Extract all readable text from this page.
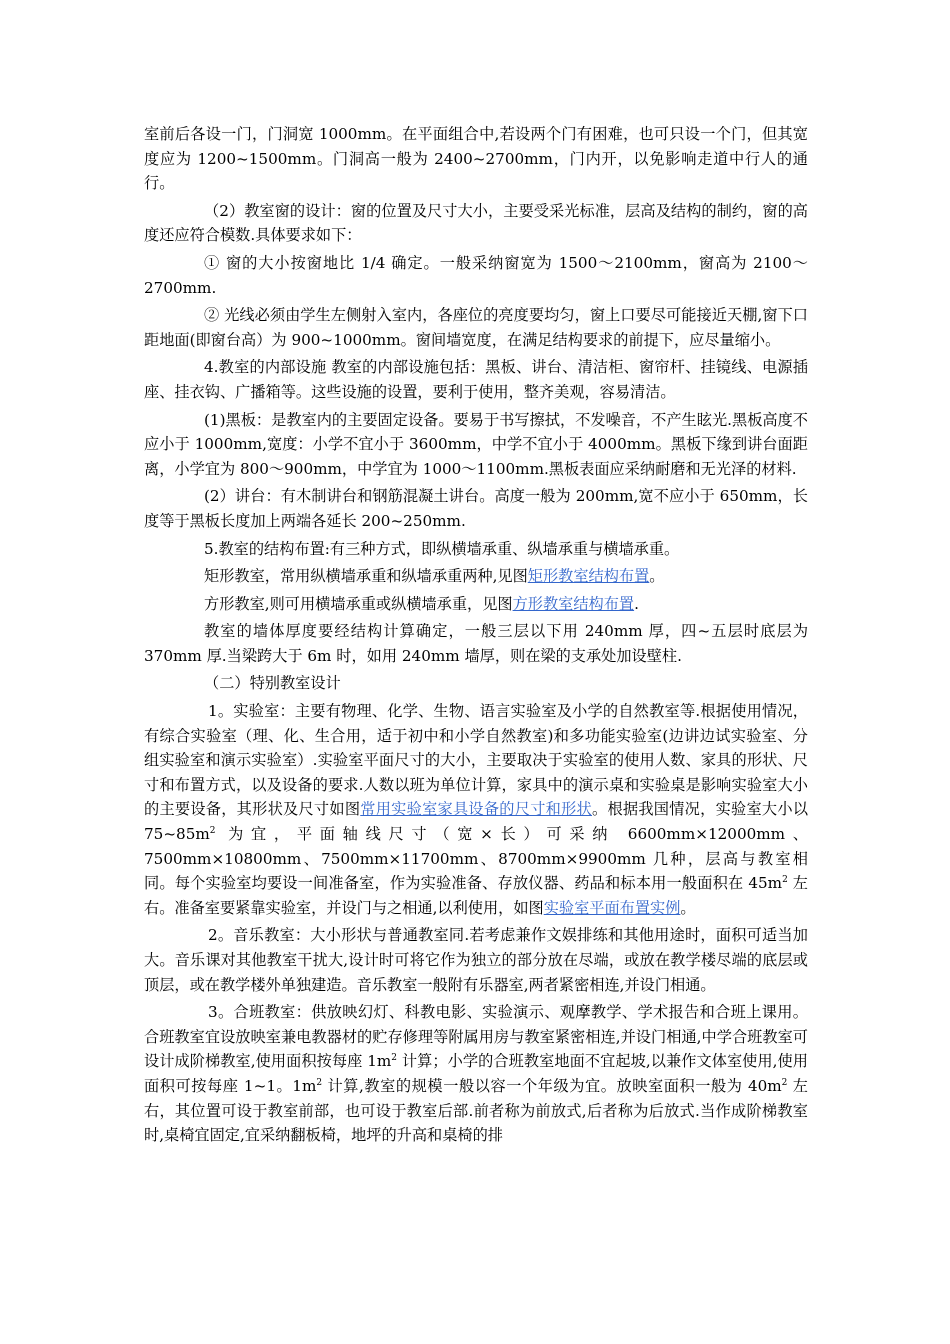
室前后各设一门，门洞宽 1000mm。在平面组合中,若设两个门有困难，也可只设一个门，但其宽度应为 1200~1500mm。门洞高一般为 2400~2700mm，门内开，以免影响走道中行人的通行。

（2）教室窗的设计：窗的位置及尺寸大小，主要受采光标准，层高及结构的制约，窗的高度还应符合模数.具体要求如下：

① 窗的大小按窗地比 1/4 确定。一般采纳窗宽为 1500～2100mm，窗高为 2100～2700mm.

② 光线必须由学生左侧射入室内，各座位的亮度要均匀，窗上口要尽可能接近天棚,窗下口距地面(即窗台高）为 900~1000mm。窗间墙宽度，在满足结构要求的前提下，应尽量缩小。

4.教室的内部设施 教室的内部设施包括：黑板、讲台、清洁柜、窗帘杆、挂镜线、电源插座、挂衣钩、广播箱等。这些设施的设置，要利于使用，整齐美观，容易清洁。

(1)黑板：是教室内的主要固定设备。要易于书写擦拭，不发噪音，不产生眩光.黑板高度不应小于 1000mm,宽度：小学不宜小于 3600mm，中学不宜小于 4000mm。黑板下缘到讲台面距离，小学宜为 800～900mm，中学宜为 1000～1100mm.黑板表面应采纳耐磨和无光泽的材料.

(2）讲台：有木制讲台和钢筋混凝土讲台。高度一般为 200mm,宽不应小于 650mm，长度等于黑板长度加上两端各延长 200~250mm.

5.教室的结构布置:有三种方式，即纵横墙承重、纵墙承重与横墙承重。

矩形教室，常用纵横墙承重和纵墙承重两种,见图矩形教室结构布置。

方形教室,则可用横墙承重或纵横墙承重，见图方形教室结构布置.

教室的墙体厚度要经结构计算确定，一般三层以下用 240mm 厚，四~五层时底层为 370mm 厚.当梁跨大于 6m 时，如用 240mm 墙厚，则在梁的支承处加设壁柱.

（二）特别教室设计

1。实验室：主要有物理、化学、生物、语言实验室及小学的自然教室等.根据使用情况，有综合实验室（理、化、生合用，适于初中和小学自然教室)和多功能实验室(边讲边试实验室、分组实验室和演示实验室）.实验室平面尺寸的大小，主要取决于实验室的使用人数、家具的形状、尺寸和布置方式，以及设备的要求.人数以班为单位计算，家具中的演示桌和实验桌是影响实验室大小的主要设备，其形状及尺寸如图常用实验室家具设备的尺寸和形状。根据我国情况，实验室大小以 $75\sim 85m^2$ 为宜，平面轴线尺寸（宽×长）可采纳 6600mm×12000mm、7500mm×10800mm、7500mm×11700mm、8700mm×9900mm 几种，层高与教室相同。每个实验室均要设一间准备室，作为实验准备、存放仪器、药品和标本用一般面积在 $45m^2$ 左右。准备室要紧靠实验室，并设门与之相通,以利使用，如图实验室平面布置实例。

2。音乐教室：大小形状与普通教室同.若考虑兼作文娱排练和其他用途时，面积可适当加大。音乐课对其他教室干扰大,设计时可将它作为独立的部分放在尽端，或放在教学楼尽端的底层或顶层，或在教学楼外单独建造。音乐教室一般附有乐器室,两者紧密相连,并设门相通。

3。合班教室：供放映幻灯、科教电影、实验演示、观摩教学、学术报告和合班上课用。合班教室宜设放映室兼电教器材的贮存修理等附属用房与教室紧密相连,并设门相通,中学合班教室可设计成阶梯教室,使用面积按每座 $1m^2$ 计算；小学的合班教室地面不宜起坡,以兼作文体室使用,使用面积可按每座 1~1。$1m^2$ 计算,教室的规模一般以容一个年级为宜。放映室面积一般为 $40m^2$ 左右，其位置可设于教室前部，也可设于教室后部.前者称为前放式,后者称为后放式.当作成阶梯教室时,桌椅宜固定,宜采纳翻板椅，地坪的升高和桌椅的排
